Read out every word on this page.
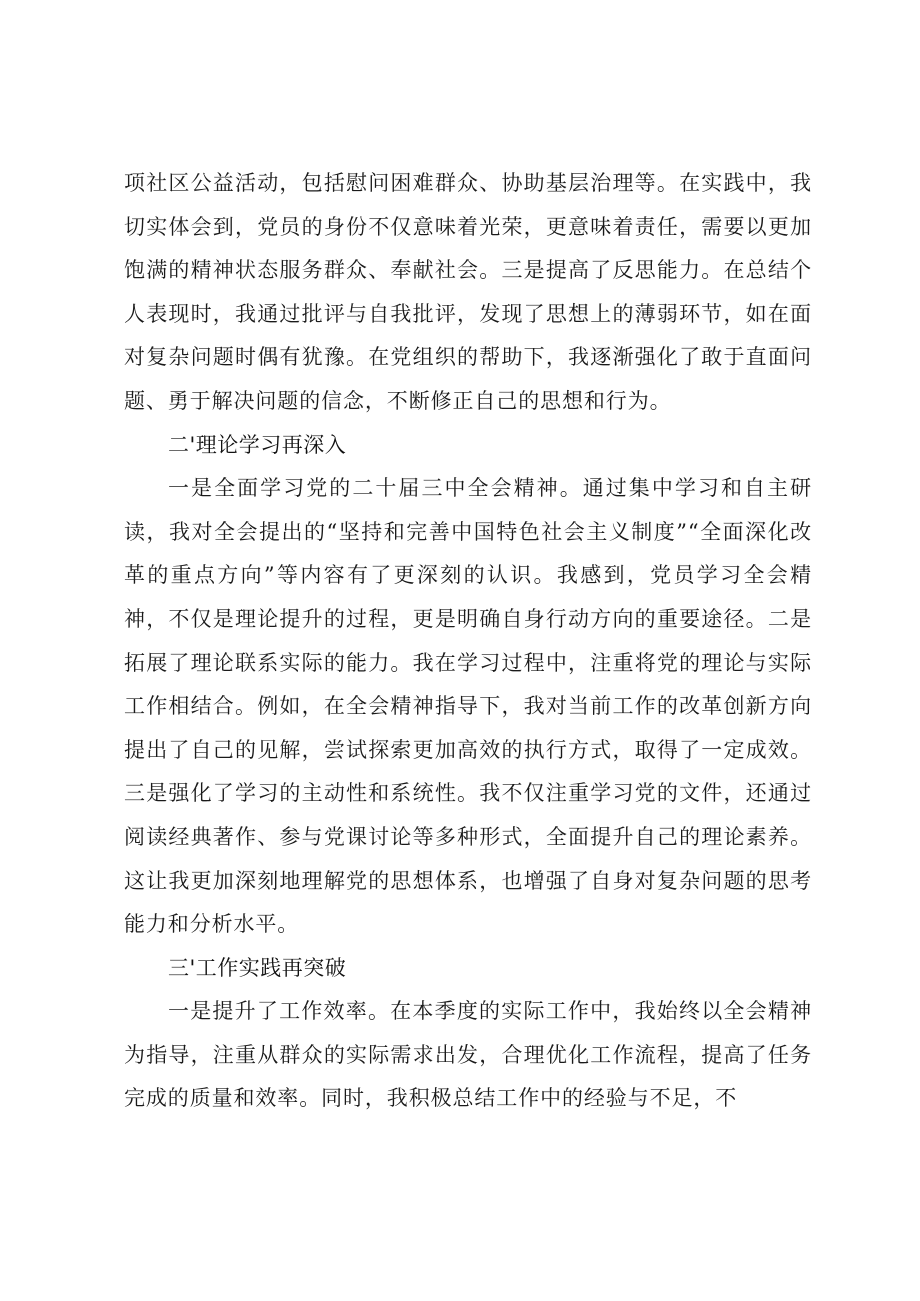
项社区公益活动，包括慰问困难群众、协助基层治理等。在实践中，我切实体会到，党员的身份不仅意味着光荣，更意味着责任，需要以更加饱满的精神状态服务群众、奉献社会。三是提高了反思能力。在总结个人表现时，我通过批评与自我批评，发现了思想上的薄弱环节，如在面对复杂问题时偶有犹豫。在党组织的帮助下，我逐渐强化了敢于直面问题、勇于解决问题的信念，不断修正自己的思想和行为。

二'理论学习再深入

一是全面学习党的二十届三中全会精神。通过集中学习和自主研读，我对全会提出的“坚持和完善中国特色社会主义制度”“全面深化改革的重点方向”等内容有了更深刻的认识。我感到，党员学习全会精神，不仅是理论提升的过程，更是明确自身行动方向的重要途径。二是拓展了理论联系实际的能力。我在学习过程中，注重将党的理论与实际工作相结合。例如，在全会精神指导下，我对当前工作的改革创新方向提出了自己的见解，尝试探索更加高效的执行方式，取得了一定成效。三是强化了学习的主动性和系统性。我不仅注重学习党的文件，还通过阅读经典著作、参与党课讨论等多种形式，全面提升自己的理论素养。这让我更加深刻地理解党的思想体系，也增强了自身对复杂问题的思考能力和分析水平。

三'工作实践再突破

一是提升了工作效率。在本季度的实际工作中，我始终以全会精神为指导，注重从群众的实际需求出发，合理优化工作流程，提高了任务完成的质量和效率。同时，我积极总结工作中的经验与不足，不
